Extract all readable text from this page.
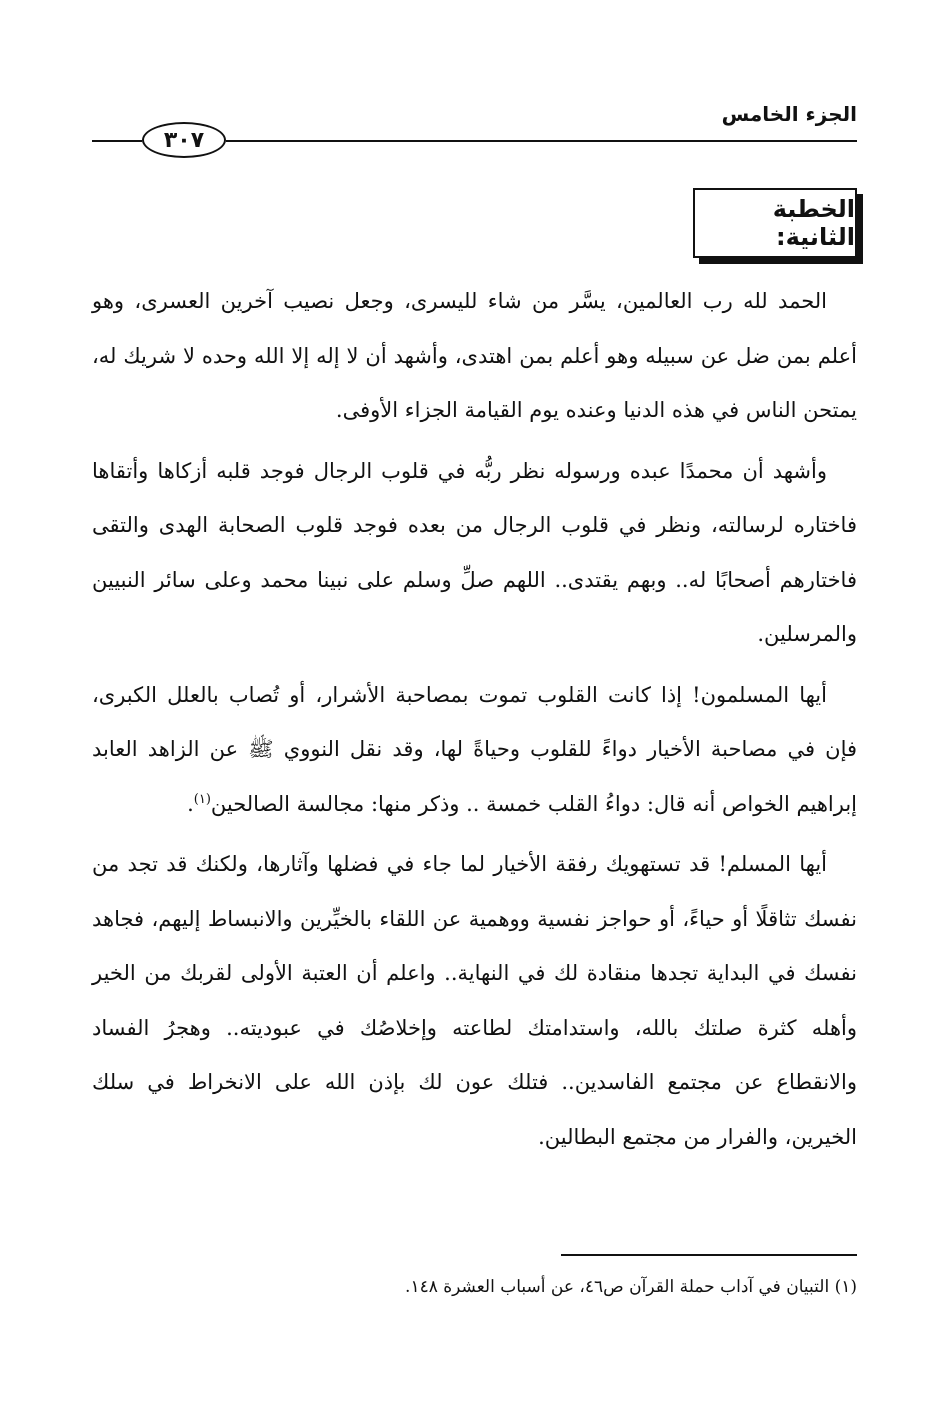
الجزء الخامس
٣٠٧
الخطبة الثانية:

الحمد لله رب العالمين، يسَّر من شاء لليسرى، وجعل نصيب آخرين العسرى، وهو أعلم بمن ضل عن سبيله وهو أعلم بمن اهتدى، وأشهد أن لا إله إلا الله وحده لا شريك له، يمتحن الناس في هذه الدنيا وعنده يوم القيامة الجزاء الأوفى.

وأشهد أن محمدًا عبده ورسوله نظر ربُّه في قلوب الرجال فوجد قلبه أزكاها وأتقاها فاختاره لرسالته، ونظر في قلوب الرجال من بعده فوجد قلوب الصحابة الهدى والتقى فاختارهم أصحابًا له.. وبهم يقتدى.. اللهم صلِّ وسلم على نبينا محمد وعلى سائر النبيين والمرسلين.

أيها المسلمون! إذا كانت القلوب تموت بمصاحبة الأشرار، أو تُصاب بالعلل الكبرى، فإن في مصاحبة الأخيار دواءً للقلوب وحياةً لها، وقد نقل النووي ﷺ عن الزاهد العابد إبراهيم الخواص أنه قال: دواءُ القلب خمسة .. وذكر منها: مجالسة الصالحين$^{(١)}$.

أيها المسلم! قد تستهويك رفقة الأخيار لما جاء في فضلها وآثارها، ولكنك قد تجد من نفسك تثاقلًا أو حياءً، أو حواجز نفسية ووهمية عن اللقاء بالخيِّرين والانبساط إليهم، فجاهد نفسك في البداية تجدها منقادة لك في النهاية.. واعلم أن العتبة الأولى لقربك من الخير وأهله كثرة صلتك بالله، واستدامتك لطاعته وإخلاصُك في عبوديته.. وهجرُ الفساد والانقطاع عن مجتمع الفاسدين.. فتلك عون لك بإذن الله على الانخراط في سلك الخيرين، والفرار من مجتمع البطالين.

(١) التبيان في آداب حملة القرآن ص٤٦، عن أسباب العشرة ١٤٨.
